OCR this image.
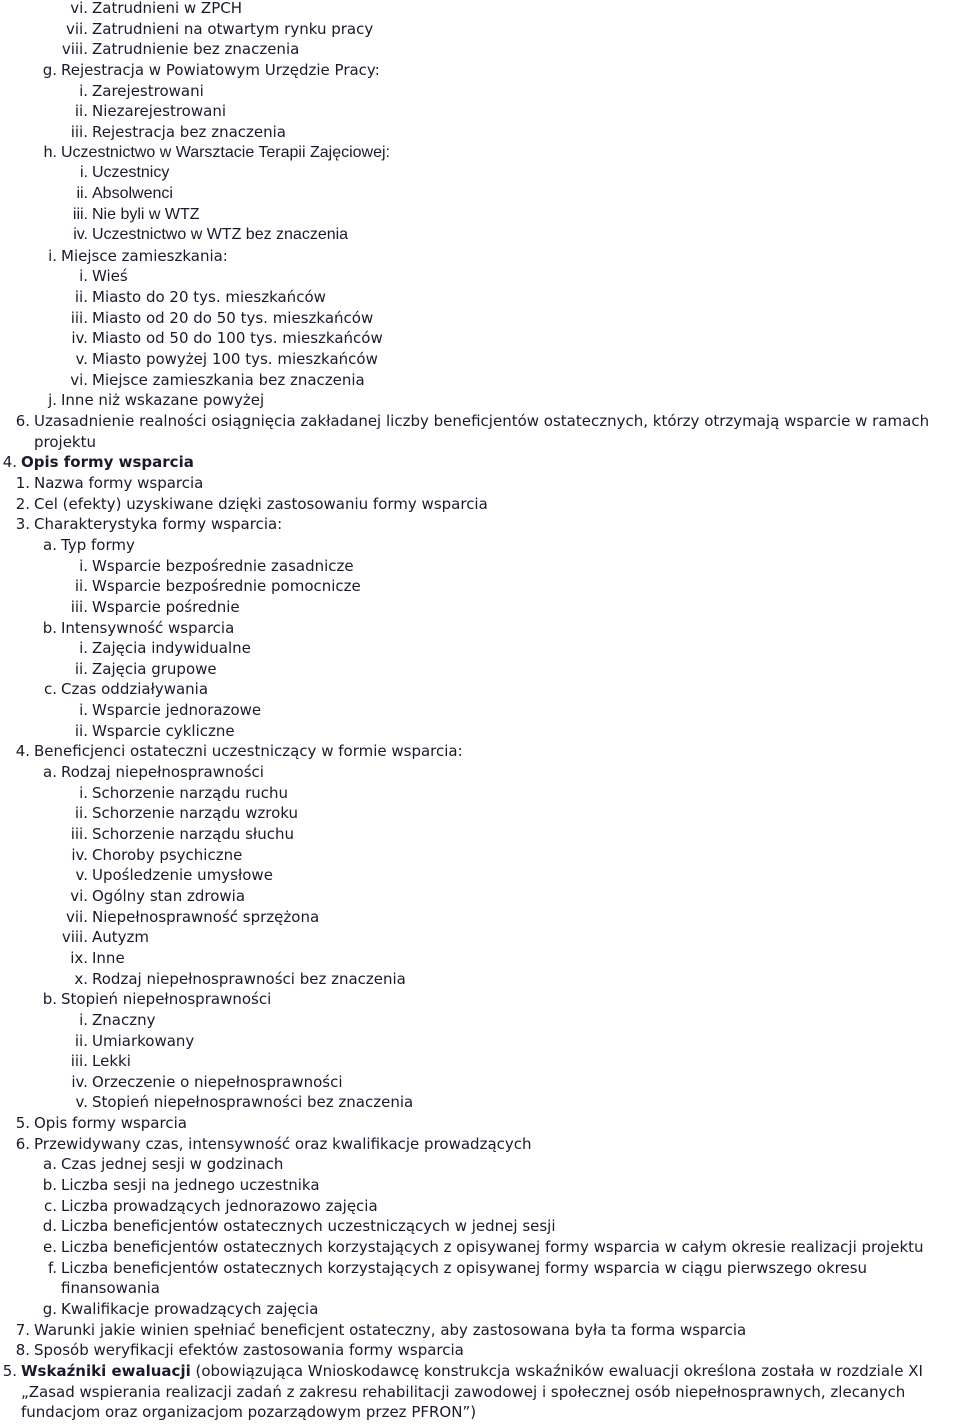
vi. Zatrudnieni w ZPCH
vii. Zatrudnieni na otwartym rynku pracy
viii. Zatrudnienie bez znaczenia
g. Rejestracja w Powiatowym Urzędzie Pracy:
i. Zarejestrowani
ii. Niezarejestrowani
iii. Rejestracja bez znaczenia
h. Uczestnictwo w Warsztacie Terapii Zajęciowej:
i. Uczestnicy
ii. Absolwenci
iii. Nie byli w WTZ
iv. Uczestnictwo w WTZ bez znaczenia
i. Miejsce zamieszkania:
i. Wieś
ii. Miasto do 20 tys. mieszkańców
iii. Miasto od 20 do 50 tys. mieszkańców
iv. Miasto od 50 do 100 tys. mieszkańców
v. Miasto powyżej 100 tys. mieszkańców
vi. Miejsce zamieszkania bez znaczenia
j. Inne niż wskazane powyżej
6. Uzasadnienie realności osiągnięcia zakładanej liczby beneficjentów ostatecznych, którzy otrzymają wsparcie w ramach
projektu
4. Opis formy wsparcia
1. Nazwa formy wsparcia
2. Cel (efekty) uzyskiwane dzięki zastosowaniu formy wsparcia
3. Charakterystyka formy wsparcia:
a. Typ formy
i. Wsparcie bezpośrednie zasadnicze
ii. Wsparcie bezpośrednie pomocnicze
iii. Wsparcie pośrednie
b. Intensywność wsparcia
i. Zajęcia indywidualne
ii. Zajęcia grupowe
c. Czas oddziaływania
i. Wsparcie jednorazowe
ii. Wsparcie cykliczne
4. Beneficjenci ostateczni uczestniczący w formie wsparcia:
a. Rodzaj niepełnosprawności
i. Schorzenie narządu ruchu
ii. Schorzenie narządu wzroku
iii. Schorzenie narządu słuchu
iv. Choroby psychiczne
v. Upośledzenie umysłowe
vi. Ogólny stan zdrowia
vii. Niepełnosprawność sprzężona
viii. Autyzm
ix. Inne
x. Rodzaj niepełnosprawności bez znaczenia
b. Stopień niepełnosprawności
i. Znaczny
ii. Umiarkowany
iii. Lekki
iv. Orzeczenie o niepełnosprawności
v. Stopień niepełnosprawności bez znaczenia
5. Opis formy wsparcia
6. Przewidywany czas, intensywność oraz kwalifikacje prowadzących
a. Czas jednej sesji w godzinach
b. Liczba sesji na jednego uczestnika
c. Liczba prowadzących jednorazowo zajęcia
d. Liczba beneficjentów ostatecznych uczestniczących w jednej sesji
e. Liczba beneficjentów ostatecznych korzystających z opisywanej formy wsparcia w całym okresie realizacji projektu
f. Liczba beneficjentów ostatecznych korzystających z opisywanej formy wsparcia w ciągu pierwszego okresu
finansowania
g. Kwalifikacje prowadzących zajęcia
7. Warunki jakie winien spełniać beneficjent ostateczny, aby zastosowana była ta forma wsparcia
8. Sposób weryfikacji efektów zastosowania formy wsparcia
5. Wskaźniki ewaluacji (obowiązująca Wnioskodawcę konstrukcja wskaźników ewaluacji określona została w rozdziale XI
„Zasad wspierania realizacji zadań z zakresu rehabilitacji zawodowej i społecznej osób niepełnosprawnych, zlecanych
fundacjom oraz organizacjom pozarządowym przez PFRON”)
